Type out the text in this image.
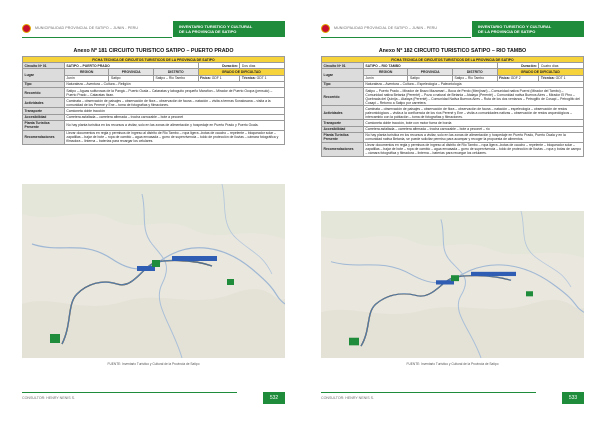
MUNICIPALIDAD PROVINCIAL DE SATIPO – JUNIN - PERU	INVENTARIO TURISTICO Y CULTURAL
DE LA PROVINCIA DE SATIPO
Anexo Nº 181 CIRCUITO TURISTICO SATIPO – PUERTO PRADO
FICHA TECNICA DE CIRCUITOS TURISTICOS DE LA PROVINCIA DE SATIPO					
Circuito Nº 01	SATIPO – PUERTO PRADO			Duración:	Dos días
Lugar	REGION	PROVINCIA	DISTRITO	GRADO DE DIFICULTAD	
	Junín	Satipo	Satipo – Rio Tambo	Física: GDF 1	Técnica: GDT 1
Tipo	Naturaleza – Aventura – Cultura – Religión				
Recorrido	Satipo – Aguas sulfurosas de la Pangá – Puerto Ocala – Cataratas y laboguito pequeño Marañon – Mirador de Puerto Ocopa (pensulo) – Puerto Prado – Cataratas Itzan.				
Actividades	Caminata – observación de paisajes – observación de flora – observación de fauna – natación – visita a termas Sonalosana – visita a la comunidad de los Perené y Ene – toma de fotografías y filmaciones.				
Transporte	Camioneta doble tracción				
Accesibilidad	Carretera asfaltada – carretera afirmada – trocha carrozable – bote a peconet				
Planta Turística Presente	No hay planta turística en los recursos a visitar, solo en las zonas de alimentación y hospedaje en Puerto Prado y Puerto Ocala.				
Recomendaciones	Llevar documentos en regla y permisos de ingreso al distrito de Rio Tambo – ropa ligera –botas de caucho – repelente – bloqueador solar – zapatillas – bajar de bote – ropa de cambio – agua envasada – gorro de supervivencia – toldo de protección de lluvias – cámara fotográfica y filmadora – linterna – baterías para recargar los celulares.				
FUENTE: Inventario Turístico y Cultural de la Provincia de Satipo
CONSULTOR: HENRY NENIS S.	532
MUNICIPALIDAD PROVINCIAL DE SATIPO – JUNIN - PERU	INVENTARIO TURISTICO Y CULTURAL
DE LA PROVINCIA DE SATIPO
Anexo Nº 182 CIRCUITO TURISTICO SATIPO – RIO TAMBO
FICHA TECNICA DE CIRCUITOS TURISTICOS DE LA PROVINCIA DE SATIPO					
Circuito Nº 01	SATIPO – RIO TAMBO			Duración:	Cuatro días
Lugar	REGION	PROVINCIA	DISTRITO	GRADO DE DIFICULTAD	
	Junín	Satipo	Satipo – Rio Tambo	Física: GDF 2	Técnica: GDT 1
Tipo	Naturaleza – Aventura – Cultura – Espeleología – Paleontología				
Recorrido	Satipo – Puerto Prado – Mirador de Brazo Mazamari – Boca de Perdo (Menjinari) – Comunidad nativa Puerni (Mirador del Tambo) – Comunidad nativa Betania (Perenté) – Poza o natural de Betania – Atalaya (Perenté) – Comunidad nativa Buenos Aires – Mirador El Pino – Quebrada del Quinija – Atalaya (Perenté) – Comunidad Nativa Buenos Aires – Ruta de los dos ventanos – Petroglifo de Cosapi – Petroglifo del Cosapi – Retorno a Satipo por carretera.				
Actividades	Caminata – observación de paisajes – observación de flora – observación de fauna – natación – espeleología – observación de restos paleontológicos – visita a la confluencia de los ríos Perené y Ene – visita a comunidades nativas – observación de restos arqueológicos – intercambio con la población – toma de fotografías y filmaciones.				
Transporte	Camioneta doble tracción, bote con motor fuera de borda				
Accesibilidad	Carretera asfaltada – carretera afirmada – trocha carrozable – bote a peconet – río				
Planta Turística Presente	No hay planta turística en los recursos a visitar, solo en las zonas de alimentación y hospedaje en Puerto Prado, Puerto Ocala y en la comunidad nativa Betania, se puede solicitar permiso para acampar y recoger la propuesta de alimentos.				
Recomendaciones	Llevar documentos en regla y permisos de ingreso al distrito de Rio Tambo – ropa ligera –botas de caucho – repelente – bloqueador solar – zapatillas – bajar de bote – ropa de cambio – agua envasada – gorro de supervivencia – toldo de protección de lluvias – ropa y botas de campo – cámara fotográfica y filmadora – linterna – baterías para recargar los celulares.				
FUENTE: Inventario Turístico y Cultural de la Provincia de Satipo
CONSULTOR: HENRY NENIS S.	533
